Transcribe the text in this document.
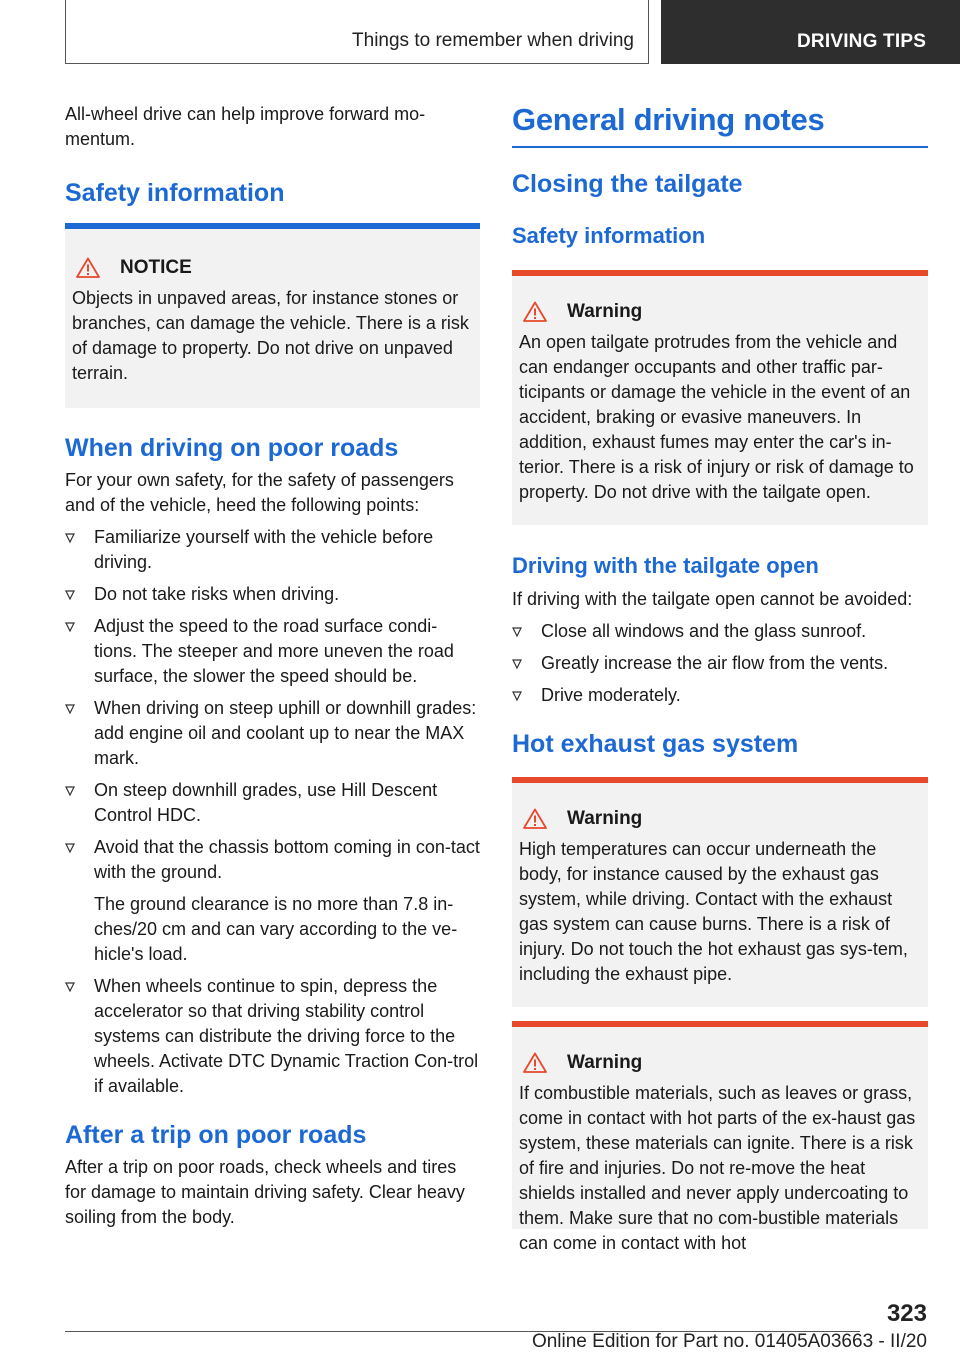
Things to remember when driving	DRIVING TIPS

All-wheel drive can help improve forward mo-mentum.

Safety information
NOTICE
Objects in unpaved areas, for instance stones or branches, can damage the vehicle. There is a risk of damage to property. Do not drive on unpaved terrain.
When driving on poor roads

For your own safety, for the safety of passengers and of the vehicle, heed the following points:

Familiarize yourself with the vehicle before driving.
Do not take risks when driving.
Adjust the speed to the road surface condi-tions. The steeper and more uneven the road surface, the slower the speed should be.
When driving on steep uphill or downhill grades: add engine oil and coolant up to near the MAX mark.
On steep downhill grades, use Hill Descent Control HDC.
Avoid that the chassis bottom coming in con-tact with the ground.
The ground clearance is no more than 7.8 in-ches/20 cm and can vary according to the ve-hicle's load.
When wheels continue to spin, depress the accelerator so that driving stability control systems can distribute the driving force to the wheels. Activate DTC Dynamic Traction Con-trol if available.
After a trip on poor roads

After a trip on poor roads, check wheels and tires for damage to maintain driving safety. Clear heavy soiling from the body.

General driving notes
Closing the tailgate
Safety information
Warning
An open tailgate protrudes from the vehicle and can endanger occupants and other traffic par-ticipants or damage the vehicle in the event of an accident, braking or evasive maneuvers. In addition, exhaust fumes may enter the car's in-terior. There is a risk of injury or risk of damage to property. Do not drive with the tailgate open.
Driving with the tailgate open

If driving with the tailgate open cannot be avoided:

Close all windows and the glass sunroof.
Greatly increase the air flow from the vents.
Drive moderately.
Hot exhaust gas system
Warning
High temperatures can occur underneath the body, for instance caused by the exhaust gas system, while driving. Contact with the exhaust gas system can cause burns. There is a risk of injury. Do not touch the hot exhaust gas sys-tem, including the exhaust pipe.
Warning
If combustible materials, such as leaves or grass, come in contact with hot parts of the ex-haust gas system, these materials can ignite. There is a risk of fire and injuries. Do not re-move the heat shields installed and never apply undercoating to them. Make sure that no com-bustible materials can come in contact with hot
323
Online Edition for Part no. 01405A03663 - II/20
